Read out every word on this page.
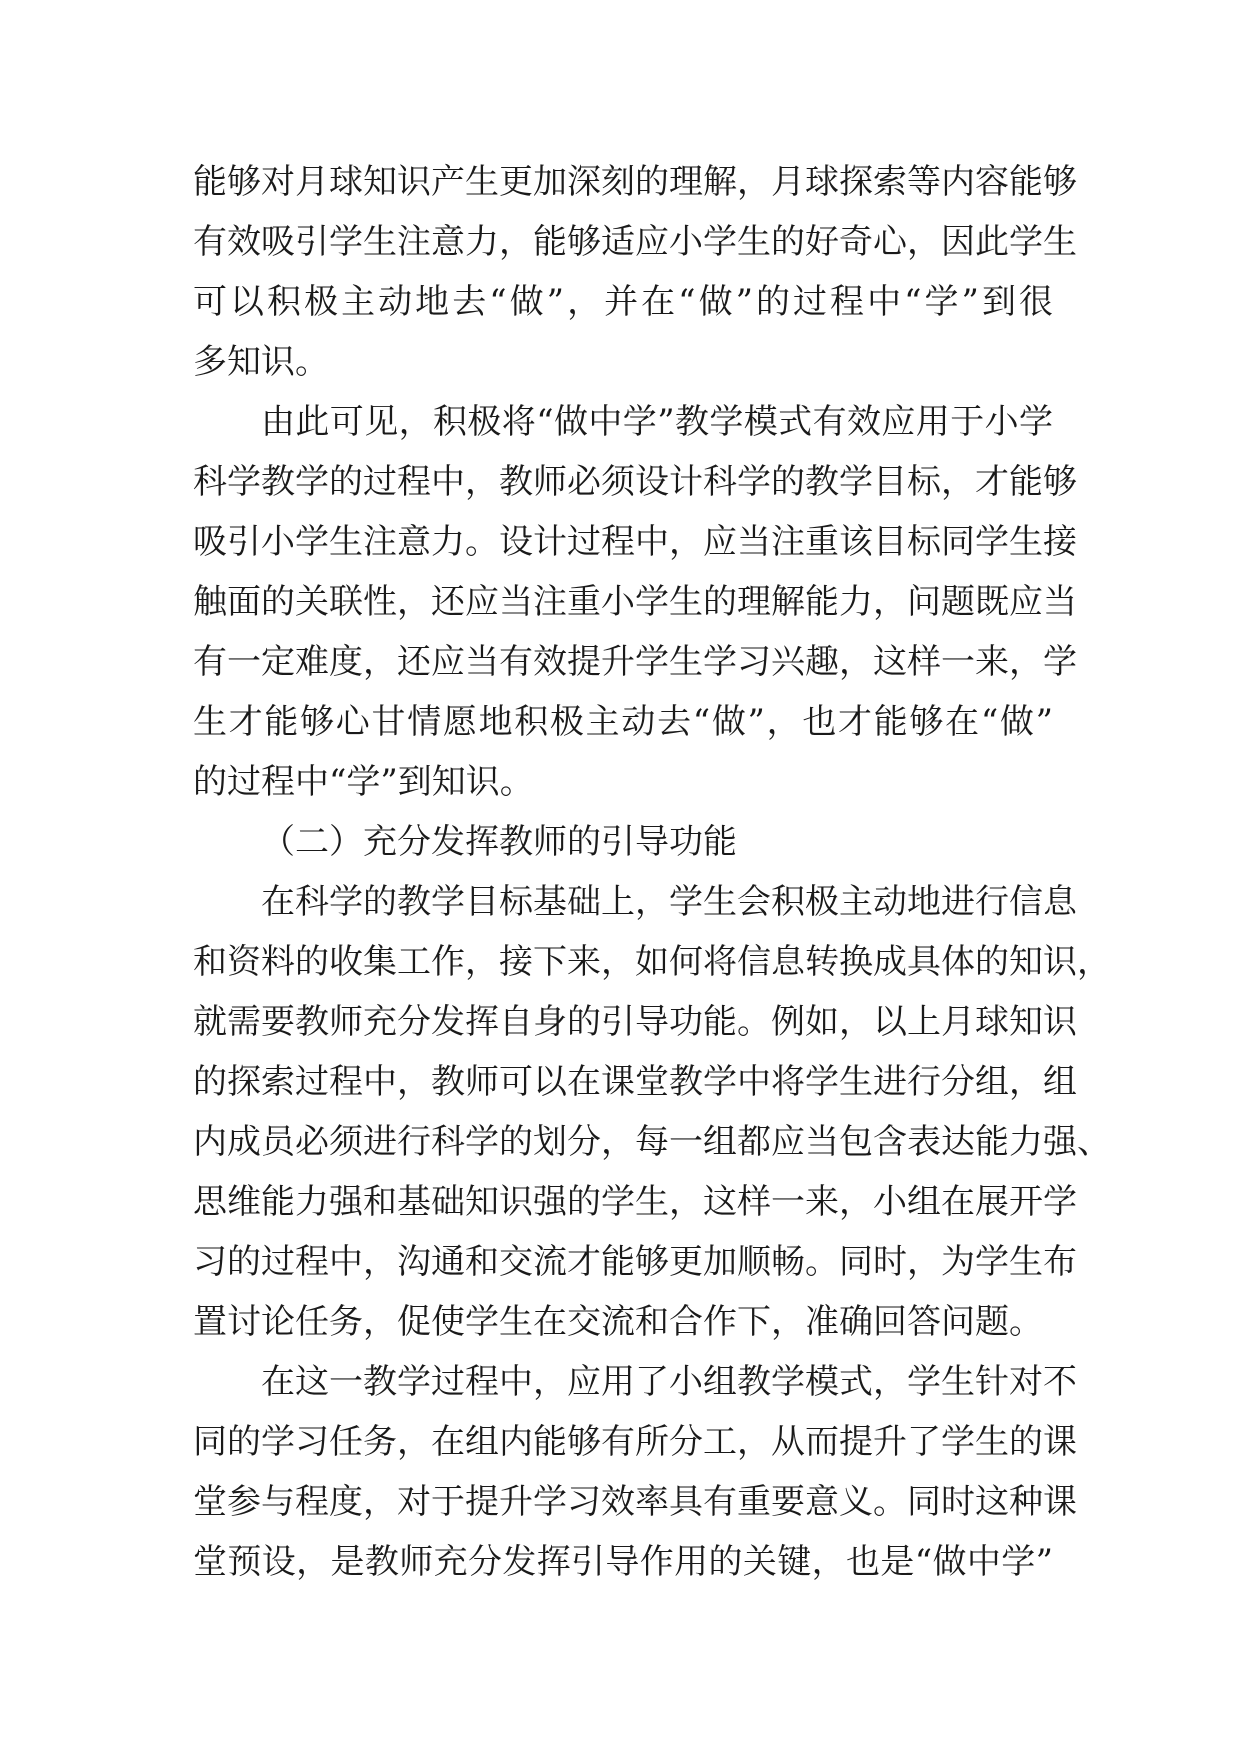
能够对月球知识产生更加深刻的理解，月球探索等内容能够
有效吸引学生注意力，能够适应小学生的好奇心，因此学生
可以积极主动地去“做”，并在“做”的过程中“学”到很
多知识。
由此可见，积极将“做中学”教学模式有效应用于小学
科学教学的过程中，教师必须设计科学的教学目标，才能够
吸引小学生注意力。设计过程中，应当注重该目标同学生接
触面的关联性，还应当注重小学生的理解能力，问题既应当
有一定难度，还应当有效提升学生学习兴趣，这样一来，学
生才能够心甘情愿地积极主动去“做”，也才能够在“做”
的过程中“学”到知识。
（二）充分发挥教师的引导功能
在科学的教学目标基础上，学生会积极主动地进行信息
和资料的收集工作，接下来，如何将信息转换成具体的知识，
就需要教师充分发挥自身的引导功能。例如，以上月球知识
的探索过程中，教师可以在课堂教学中将学生进行分组，组
内成员必须进行科学的划分，每一组都应当包含表达能力强、
思维能力强和基础知识强的学生，这样一来，小组在展开学
习的过程中，沟通和交流才能够更加顺畅。同时，为学生布
置讨论任务，促使学生在交流和合作下，准确回答问题。
在这一教学过程中，应用了小组教学模式，学生针对不
同的学习任务，在组内能够有所分工，从而提升了学生的课
堂参与程度，对于提升学习效率具有重要意义。同时这种课
堂预设，是教师充分发挥引导作用的关键，也是“做中学”
